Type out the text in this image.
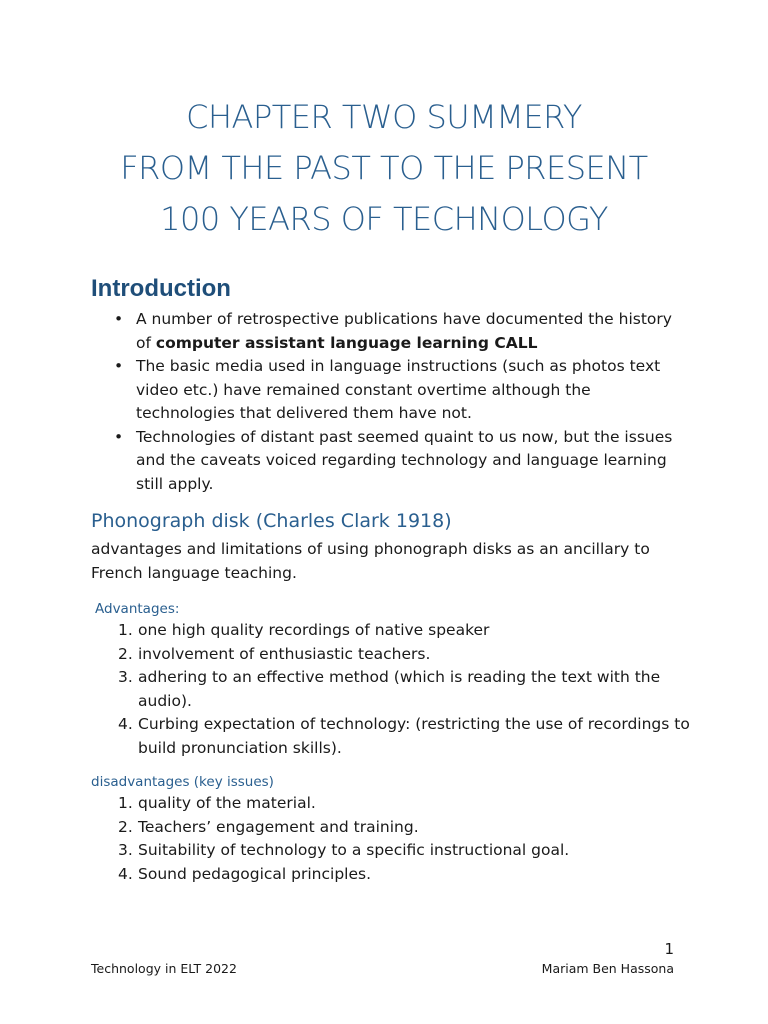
CHAPTER TWO SUMMERY
FROM THE PAST TO THE PRESENT
100 YEARS OF TECHNOLOGY
Introduction
• A number of retrospective publications have documented the history of computer assistant language learning CALL
• The basic media used in language instructions (such as photos text video etc.) have remained constant overtime although the technologies that delivered them have not.
• Technologies of distant past seemed quaint to us now, but the issues and the caveats voiced regarding technology and language learning still apply.
Phonograph disk (Charles Clark 1918)

advantages and limitations of using phonograph disks as an ancillary to French language teaching.

Advantages:
1. one high quality recordings of native speaker
2. involvement of enthusiastic teachers.
3. adhering to an effective method (which is reading the text with the audio).
4. Curbing expectation of technology: (restricting the use of recordings to build pronunciation skills).
disadvantages (key issues)
1. quality of the material.
2. Teachers’ engagement and training.
3. Suitability of technology to a specific instructional goal.
4. Sound pedagogical principles.
1
Technology in ELT 2022	Mariam Ben Hassona
